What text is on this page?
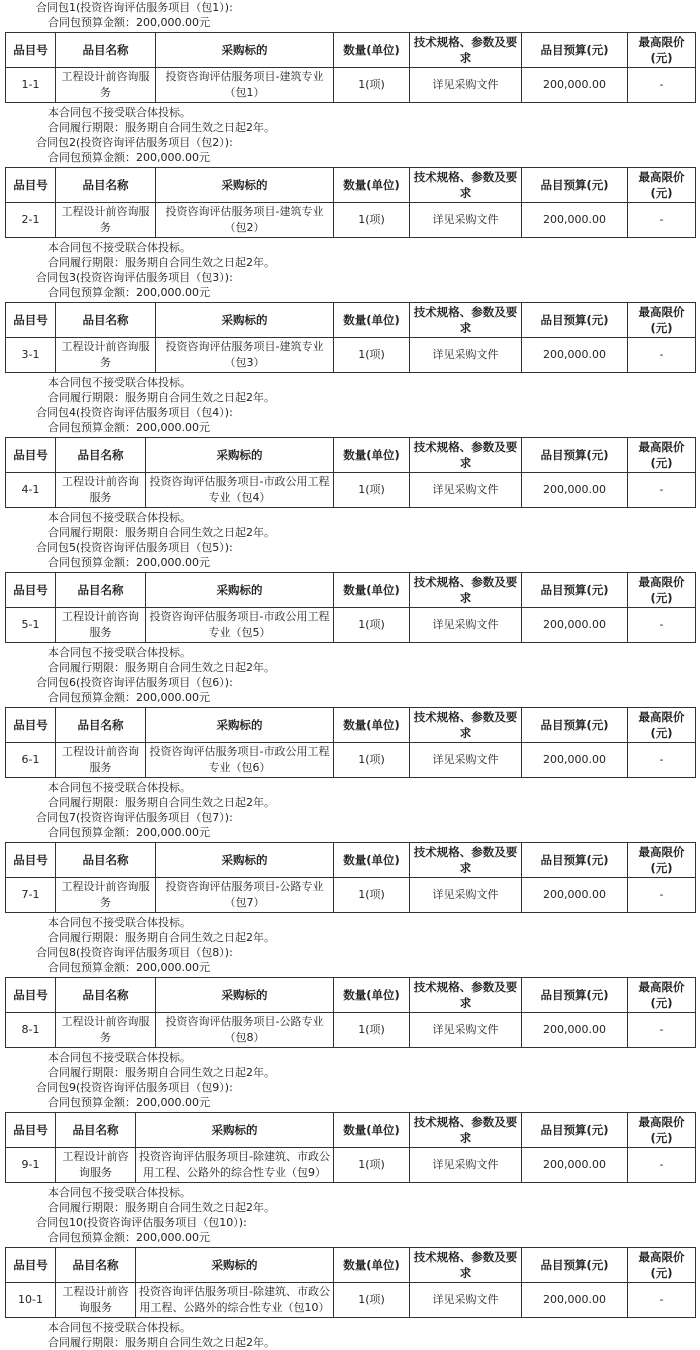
合同包1(投资咨询评估服务项目（包1）):
合同包预算金额：200,000.00元
品目号	品目名称	采购标的	数量(单位)	技术规格、参数及要求	品目预算(元)	最高限价(元)
1-1	工程设计前咨询服务	投资咨询评估服务项目-建筑专业（包1）	1(项)	详见采购文件	200,000.00	-
本合同包不接受联合体投标。
合同履行期限：服务期自合同生效之日起2年。
合同包2(投资咨询评估服务项目（包2）):
合同包预算金额：200,000.00元
品目号	品目名称	采购标的	数量(单位)	技术规格、参数及要求	品目预算(元)	最高限价(元)
2-1	工程设计前咨询服务	投资咨询评估服务项目-建筑专业（包2）	1(项)	详见采购文件	200,000.00	-
本合同包不接受联合体投标。
合同履行期限：服务期自合同生效之日起2年。
合同包3(投资咨询评估服务项目（包3）):
合同包预算金额：200,000.00元
品目号	品目名称	采购标的	数量(单位)	技术规格、参数及要求	品目预算(元)	最高限价(元)
3-1	工程设计前咨询服务	投资咨询评估服务项目-建筑专业（包3）	1(项)	详见采购文件	200,000.00	-
本合同包不接受联合体投标。
合同履行期限：服务期自合同生效之日起2年。
合同包4(投资咨询评估服务项目（包4）):
合同包预算金额：200,000.00元
品目号	品目名称	采购标的	数量(单位)	技术规格、参数及要求	品目预算(元)	最高限价(元)
4-1	工程设计前咨询服务	投资咨询评估服务项目-市政公用工程专业（包4）	1(项)	详见采购文件	200,000.00	-
本合同包不接受联合体投标。
合同履行期限：服务期自合同生效之日起2年。
合同包5(投资咨询评估服务项目（包5）):
合同包预算金额：200,000.00元
品目号	品目名称	采购标的	数量(单位)	技术规格、参数及要求	品目预算(元)	最高限价(元)
5-1	工程设计前咨询服务	投资咨询评估服务项目-市政公用工程专业（包5）	1(项)	详见采购文件	200,000.00	-
本合同包不接受联合体投标。
合同履行期限：服务期自合同生效之日起2年。
合同包6(投资咨询评估服务项目（包6）):
合同包预算金额：200,000.00元
品目号	品目名称	采购标的	数量(单位)	技术规格、参数及要求	品目预算(元)	最高限价(元)
6-1	工程设计前咨询服务	投资咨询评估服务项目-市政公用工程专业（包6）	1(项)	详见采购文件	200,000.00	-
本合同包不接受联合体投标。
合同履行期限：服务期自合同生效之日起2年。
合同包7(投资咨询评估服务项目（包7）):
合同包预算金额：200,000.00元
品目号	品目名称	采购标的	数量(单位)	技术规格、参数及要求	品目预算(元)	最高限价(元)
7-1	工程设计前咨询服务	投资咨询评估服务项目-公路专业（包7）	1(项)	详见采购文件	200,000.00	-
本合同包不接受联合体投标。
合同履行期限：服务期自合同生效之日起2年。
合同包8(投资咨询评估服务项目（包8）):
合同包预算金额：200,000.00元
品目号	品目名称	采购标的	数量(单位)	技术规格、参数及要求	品目预算(元)	最高限价(元)
8-1	工程设计前咨询服务	投资咨询评估服务项目-公路专业（包8）	1(项)	详见采购文件	200,000.00	-
本合同包不接受联合体投标。
合同履行期限：服务期自合同生效之日起2年。
合同包9(投资咨询评估服务项目（包9）):
合同包预算金额：200,000.00元
品目号	品目名称	采购标的	数量(单位)	技术规格、参数及要求	品目预算(元)	最高限价(元)
9-1	工程设计前咨询服务	投资咨询评估服务项目-除建筑、市政公用工程、公路外的综合性专业（包9）	1(项)	详见采购文件	200,000.00	-
本合同包不接受联合体投标。
合同履行期限：服务期自合同生效之日起2年。
合同包10(投资咨询评估服务项目（包10）):
合同包预算金额：200,000.00元
品目号	品目名称	采购标的	数量(单位)	技术规格、参数及要求	品目预算(元)	最高限价(元)
10-1	工程设计前咨询服务	投资咨询评估服务项目-除建筑、市政公用工程、公路外的综合性专业（包10）	1(项)	详见采购文件	200,000.00	-
本合同包不接受联合体投标。
合同履行期限：服务期自合同生效之日起2年。
